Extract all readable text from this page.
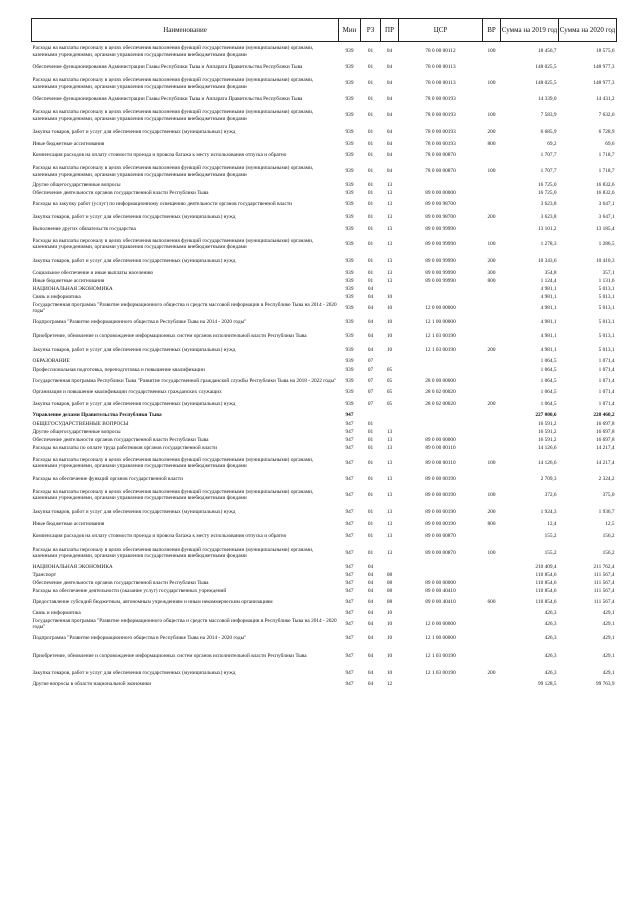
Наименование	Мин	РЗ	ПР	ЦСР	ВР	Сумма на 2019 год	Сумма на 2020 год
Расходы на выплаты персоналу в целях обеспечения выполнения функций государственными (муниципальными) органами, казенными учреждениями, органами управления государственными внебюджетными фондами	939	01	04	78 0 00 00112	100	18 456,7	18 575,6
Обеспечение функционирования Администрации Главы Республики Тыва и Аппарата Правительства Республики Тыва	939	01	04	78 0 00 00113		148 025,5	148 977,3
Расходы на выплаты персоналу в целях обеспечения выполнения функций государственными (муниципальными) органами, казенными учреждениями, органами управления государственными внебюджетными фондами	939	01	04	78 0 00 00113	100	148 025,5	148 977,3
Обеспечение функционирования Администрации Главы Республики Тыва и Аппарата Правительства Республики Тыва	939	01	04	78 0 00 00193		14 339,0	14 431,2
Расходы на выплаты персоналу в целях обеспечения выполнения функций государственными (муниципальными) органами, казенными учреждениями, органами управления государственными внебюджетными фондами	939	01	04	78 0 00 00193	100	7 583,9	7 632,6
Закупка товаров, работ и услуг для обеспечения государственных (муниципальных) нужд	939	01	04	78 0 00 00193	200	6 685,9	6 728,9
Иные бюджетные ассигнования	939	01	04	78 0 00 00193	800	69,2	69,6
Компенсация расходов на оплату стоимости проезда и провоза багажа к месту использования отпуска и обратно	939	01	04	78 0 00 00870		1 707,7	1 718,7
Расходы на выплаты персоналу в целях обеспечения выполнения функций государственными (муниципальными) органами, казенными учреждениями, органами управления государственными внебюджетными фондами	939	01	04	78 0 00 00870	100	1 707,7	1 718,7
Другие общегосударственные вопросы	939	01	13			16 725,0	16 832,6
Обеспечение деятельности органов государственной власти Республики Тыва	939	01	13	89 0 00 00000		16 725,0	16 832,6
Расходы на закупку работ (услуг) по информационному освещению деятельности органов государственной власти	939	01	13	89 0 00 98700		3 623,8	3 647,1
Закупка товаров, работ и услуг для обеспечения государственных (муниципальных) нужд	939	01	13	89 0 00 98700	200	3 623,8	3 647,1
Выполнение других обязательств государства	939	01	13	89 0 00 99990		13 101,2	13 185,4
Расходы на выплаты персоналу в целях обеспечения выполнения функций государственными (муниципальными) органами, казенными учреждениями, органами управления государственными внебюджетными фондами	939	01	13	89 0 00 99990	100	1 278,3	1 286,5
Закупка товаров, работ и услуг для обеспечения государственных (муниципальных) нужд	939	01	13	89 0 00 99990	200	10 343,6	10 410,3
Социальное обеспечение и иные выплаты населению	939	01	13	89 0 00 99990	300	354,8	357,1
Иные бюджетные ассигнования	939	01	13	89 0 00 99990	800	1 124,4	1 131,6
НАЦИОНАЛЬНАЯ ЭКОНОМИКА	939	04				4 981,1	5 013,1
Связь и информатика	939	04	10			4 981,1	5 013,1
Государственная программа "Развитие информационного общества и средств массовой информации в Республике Тыва на 2014 - 2020 годы"	939	04	10	12 0 00 00000		4 981,1	5 013,1
Подпрограмма "Развитие информационного общества в Республике Тыва на 2014 - 2020 годы"	939	04	10	12 1 00 00000		4 981,1	5 013,1
Приобретение, обновление и сопровождение информационных систем органов исполнительной власти Республики Тыва	939	04	10	12 1 03 00190		4 981,1	5 013,1
Закупка товаров, работ и услуг для обеспечения государственных (муниципальных) нужд	939	04	10	12 1 03 00190	200	4 981,1	5 013,1
ОБРАЗОВАНИЕ	939	07				1 064,5	1 071,4
Профессиональная подготовка, переподготовка и повышение квалификации	939	07	05			1 064,5	1 071,4
Государственная программа Республики Тыва "Развитие государственной гражданской службы Республики Тыва на 2018 - 2022 годы"	939	07	05	28 0 00 00000		1 064,5	1 071,4
Организация и повышение квалификации государственных гражданских служащих	939	07	05	28 0 02 00020		1 064,5	1 071,4
Закупка товаров, работ и услуг для обеспечения государственных (муниципальных) нужд	939	07	05	28 0 02 00020	200	1 064,5	1 071,4
Управление делами Правительства Республики Тыва	947					227 000,6	228 460,2
ОБЩЕГОСУДАРСТВЕННЫЕ ВОПРОСЫ	947	01				16 591,2	16 697,8
Другие общегосударственные вопросы	947	01	13			16 591,2	16 697,8
Обеспечение деятельности органов государственной власти Республики Тыва	947	01	13	89 0 00 00000		16 591,2	16 697,8
Расходы на выплаты по оплате труда работников органов государственной власти	947	01	13	89 0 00 00110		14 126,6	14 217,4
Расходы на выплаты персоналу в целях обеспечения выполнения функций государственными (муниципальными) органами, казенными учреждениями, органами управления государственными внебюджетными фондами	947	01	13	89 0 00 00110	100	14 126,6	14 217,4
Расходы на обеспечение функций органов государственной власти	947	01	13	89 0 00 00190		2 709,3	2 324,2
Расходы на выплаты персоналу в целях обеспечения выполнения функций государственными (муниципальными) органами, казенными учреждениями, органами управления государственными внебюджетными фондами	947	01	13	89 0 00 00190	100	372,6	375,0
Закупка товаров, работ и услуг для обеспечения государственных (муниципальных) нужд	947	01	13	89 0 00 00190	200	1 924,3	1 936,7
Иные бюджетные ассигнования	947	01	13	89 0 00 00190	800	12,4	12,5
Компенсация расходов на оплату стоимости проезда и провоза багажа к месту использования отпуска и обратно	947	01	13	89 0 00 00870		155,2	156,2
Расходы на выплаты персоналу в целях обеспечения выполнения функций государственными (муниципальными) органами, казенными учреждениями, органами управления государственными внебюджетными фондами	947	01	13	89 0 00 00870	100	155,2	156,2
НАЦИОНАЛЬНАЯ ЭКОНОМИКА	947	04				210 409,4	211 762,4
Транспорт	947	04	08			110 854,6	111 567,4
Обеспечение деятельности органов государственной власти Республики Тыва	947	04	08	89 0 00 00000		110 854,6	111 567,4
Расходы на обеспечение деятельности (оказание услуг) государственных учреждений	947	04	08	89 0 00 40410		110 854,6	111 567,4
Предоставление субсидий бюджетным, автономным учреждениям и иным некоммерческим организациям	947	04	08	89 0 00 40410	600	110 854,6	111 567,4
Связь и информатика	947	04	10			426,3	429,1
Государственная программа "Развитие информационного общества и средств массовой информации в Республике Тыва на 2014 - 2020 годы"	947	04	10	12 0 00 00000		426,3	429,1
Подпрограмма "Развитие информационного общества в Республике Тыва на 2014 - 2020 годы"	947	04	10	12 1 00 00000		426,3	429,1
Приобретение, обновление и сопровождение информационных систем органов исполнительной власти Республики Тыва	947	04	10	12 1 03 00190		426,3	429,1
Закупка товаров, работ и услуг для обеспечения государственных (муниципальных) нужд	947	04	10	12 1 03 00190	200	426,3	429,1
Другие вопросы в области национальной экономики	947	04	12			99 128,5	99 763,9
